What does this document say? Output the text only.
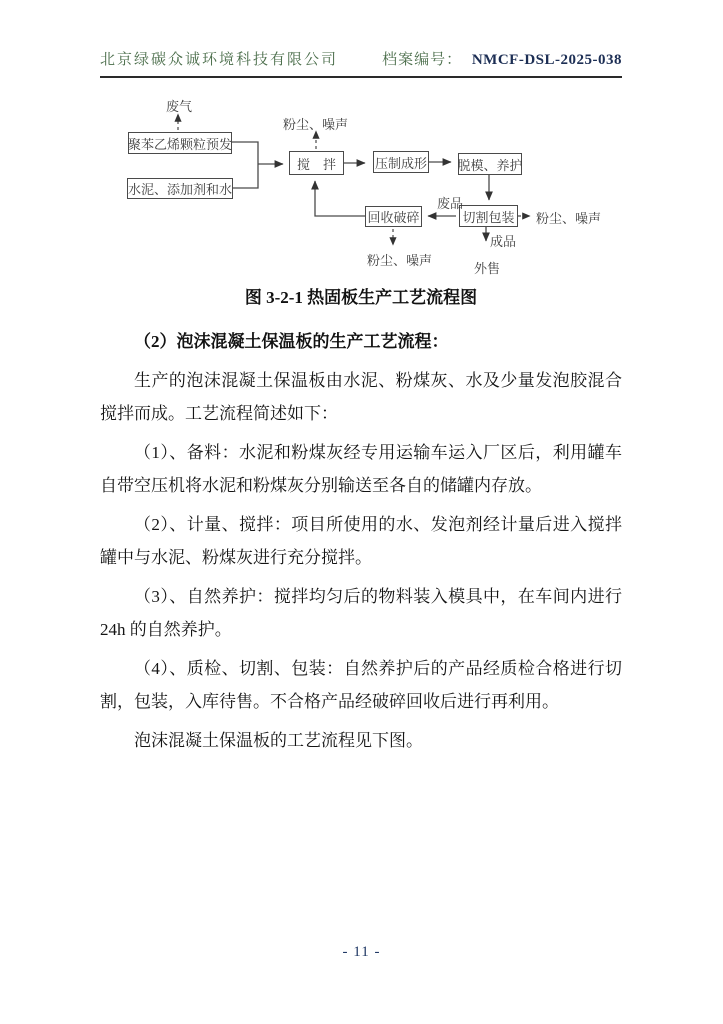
北京绿碳众诚环境科技有限公司	档案编号： NMCF-DSL-2025-038
聚苯乙烯颗粒预发
水泥、添加剂和水
搅　拌	压制成形 脱模、养护
切割包装
回收破碎
废气
粉尘、噪声
粉尘、噪声
粉尘、噪声
废品
成品
外售
图 3-2-1 热固板生产工艺流程图
（2）泡沫混凝土保温板的生产工艺流程：

生产的泡沫混凝土保温板由水泥、粉煤灰、水及少量发泡胶混合搅拌而成。工艺流程简述如下：

（1）、备料：水泥和粉煤灰经专用运输车运入厂区后，利用罐车自带空压机将水泥和粉煤灰分别输送至各自的储罐内存放。

（2）、计量、搅拌：项目所使用的水、发泡剂经计量后进入搅拌罐中与水泥、粉煤灰进行充分搅拌。

（3）、自然养护：搅拌均匀后的物料装入模具中，在车间内进行 24h 的自然养护。

（4）、质检、切割、包装：自然养护后的产品经质检合格进行切割，包装，入库待售。不合格产品经破碎回收后进行再利用。

泡沫混凝土保温板的工艺流程见下图。

- 11 -
